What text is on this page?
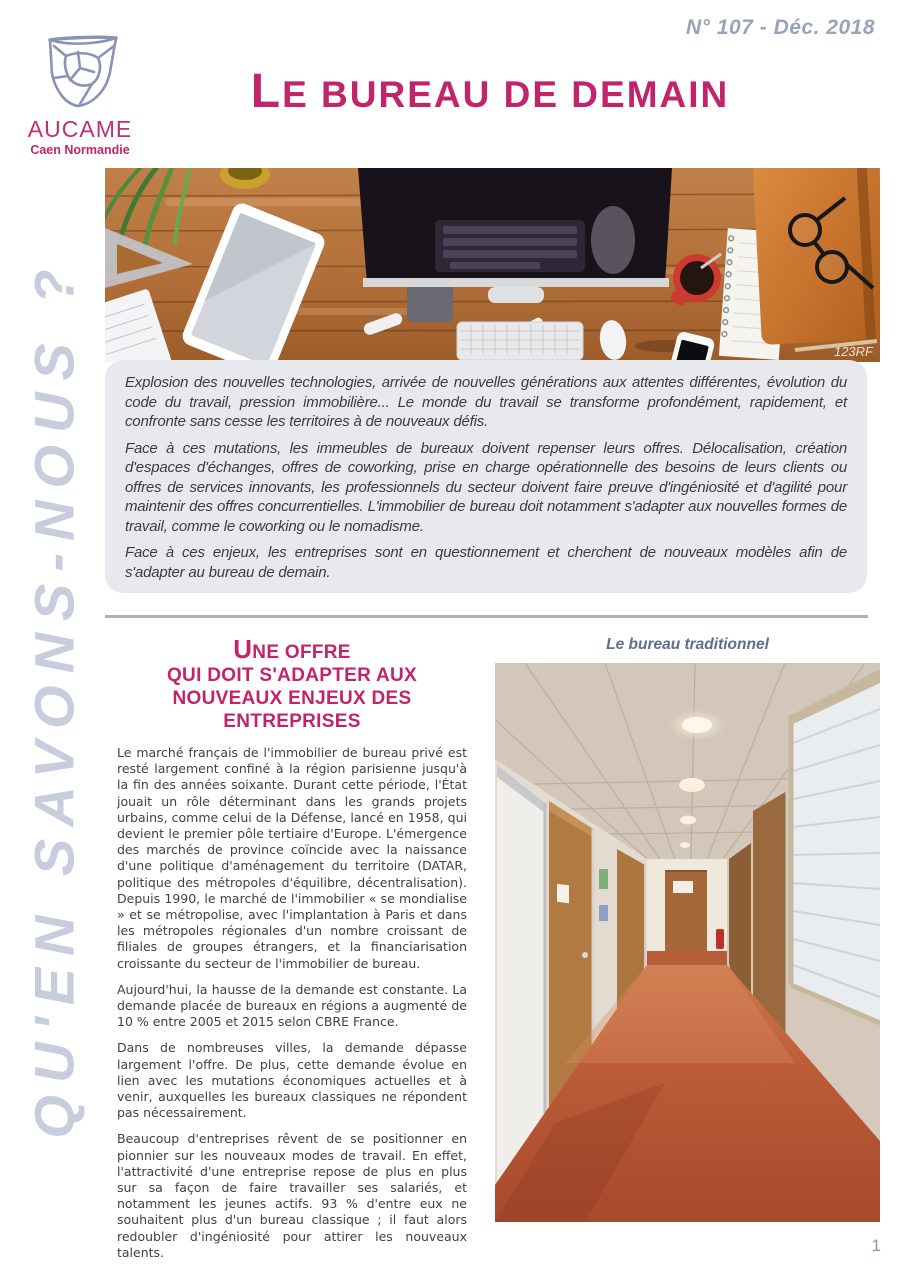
N° 107 - Déc. 2018
AUCAME
Caen Normandie
LE BUREAU DE DEMAIN
QU'EN SAVONS-NOUS ?	123RF

Explosion des nouvelles technologies, arrivée de nouvelles générations aux attentes différentes, évolution du code du travail, pression immobilière... Le monde du travail se transforme profondément, rapidement, et confronte sans cesse les territoires à de nouveaux défis.

Face à ces mutations, les immeubles de bureaux doivent repenser leurs offres. Délocalisation, création d'espaces d'échanges, offres de coworking, prise en charge opérationnelle des besoins de leurs clients ou offres de services innovants, les professionnels du secteur doivent faire preuve d'ingéniosité et d'agilité pour maintenir des offres concurrentielles. L'immobilier de bureau doit notamment s'adapter aux nouvelles formes de travail, comme le coworking ou le nomadisme.

Face à ces enjeux, les entreprises sont en questionnement et cherchent de nouveaux modèles afin de s'adapter au bureau de demain.

UNE OFFRE
QUI DOIT S'ADAPTER AUX
NOUVEAUX ENJEUX DES ENTREPRISES

Le marché français de l'immobilier de bureau privé est resté largement confiné à la région parisienne jusqu'à la fin des années soixante. Durant cette période, l'État jouait un rôle déterminant dans les grands projets urbains, comme celui de la Défense, lancé en 1958, qui devient le premier pôle tertiaire d'Europe. L'émergence des marchés de province coïncide avec la naissance d'une politique d'aménagement du territoire (DATAR, politique des métropoles d'équilibre, décentralisation). Depuis 1990, le marché de l'immobilier « se mondialise » et se métropolise, avec l'implantation à Paris et dans les métropoles régionales d'un nombre croissant de filiales de groupes étrangers, et la financiarisation croissante du secteur de l'immobilier de bureau.

Aujourd'hui, la hausse de la demande est constante. La demande placée de bureaux en régions a augmenté de 10 % entre 2005 et 2015 selon CBRE France.

Dans de nombreuses villes, la demande dépasse largement l'offre. De plus, cette demande évolue en lien avec les mutations économiques actuelles et à venir, auxquelles les bureaux classiques ne répondent pas nécessairement.

Beaucoup d'entreprises rêvent de se positionner en pionnier sur les nouveaux modes de travail. En effet, l'attractivité d'une entreprise repose de plus en plus sur sa façon de faire travailler ses salariés, et notamment les jeunes actifs. 93 % d'entre eux ne souhaitent plus d'un bureau classique ; il faut alors redoubler d'ingéniosité pour attirer les nouveaux talents.

Le bureau traditionnel
1
